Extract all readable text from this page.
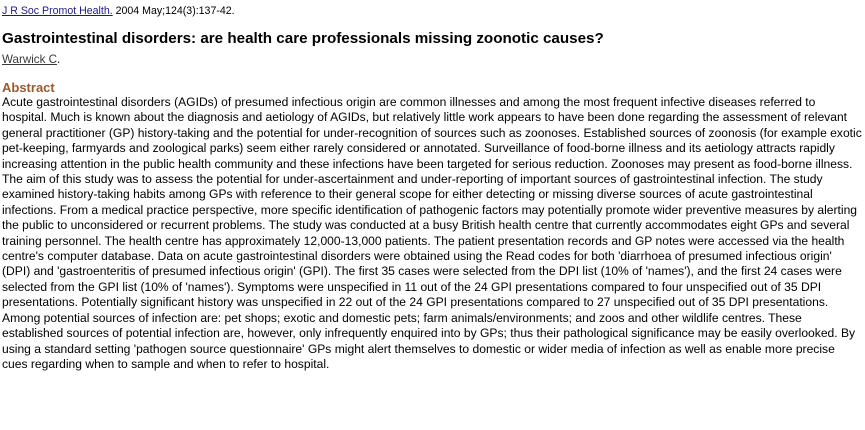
J R Soc Promot Health. 2004 May;124(3):137-42.
Gastrointestinal disorders: are health care professionals missing zoonotic causes?
Warwick C.
Abstract
Acute gastrointestinal disorders (AGIDs) of presumed infectious origin are common illnesses and among the most frequent infective diseases referred to hospital. Much is known about the diagnosis and aetiology of AGIDs, but relatively little work appears to have been done regarding the assessment of relevant general practitioner (GP) history-taking and the potential for under-recognition of sources such as zoonoses. Established sources of zoonosis (for example exotic pet-keeping, farmyards and zoological parks) seem either rarely considered or annotated. Surveillance of food-borne illness and its aetiology attracts rapidly increasing attention in the public health community and these infections have been targeted for serious reduction. Zoonoses may present as food-borne illness. The aim of this study was to assess the potential for under-ascertainment and under-reporting of important sources of gastrointestinal infection. The study examined history-taking habits among GPs with reference to their general scope for either detecting or missing diverse sources of acute gastrointestinal infections. From a medical practice perspective, more specific identification of pathogenic factors may potentially promote wider preventive measures by alerting the public to unconsidered or recurrent problems. The study was conducted at a busy British health centre that currently accommodates eight GPs and several training personnel. The health centre has approximately 12,000-13,000 patients. The patient presentation records and GP notes were accessed via the health centre's computer database. Data on acute gastrointestinal disorders were obtained using the Read codes for both 'diarrhoea of presumed infectious origin' (DPI) and 'gastroenteritis of presumed infectious origin' (GPI). The first 35 cases were selected from the DPI list (10% of 'names'), and the first 24 cases were selected from the GPI list (10% of 'names'). Symptoms were unspecified in 11 out of the 24 GPI presentations compared to four unspecified out of 35 DPI presentations. Potentially significant history was unspecified in 22 out of the 24 GPI presentations compared to 27 unspecified out of 35 DPI presentations. Among potential sources of infection are: pet shops; exotic and domestic pets; farm animals/environments; and zoos and other wildlife centres. These established sources of potential infection are, however, only infrequently enquired into by GPs; thus their pathological significance may be easily overlooked. By using a standard setting 'pathogen source questionnaire' GPs might alert themselves to domestic or wider media of infection as well as enable more precise cues regarding when to sample and when to refer to hospital.
